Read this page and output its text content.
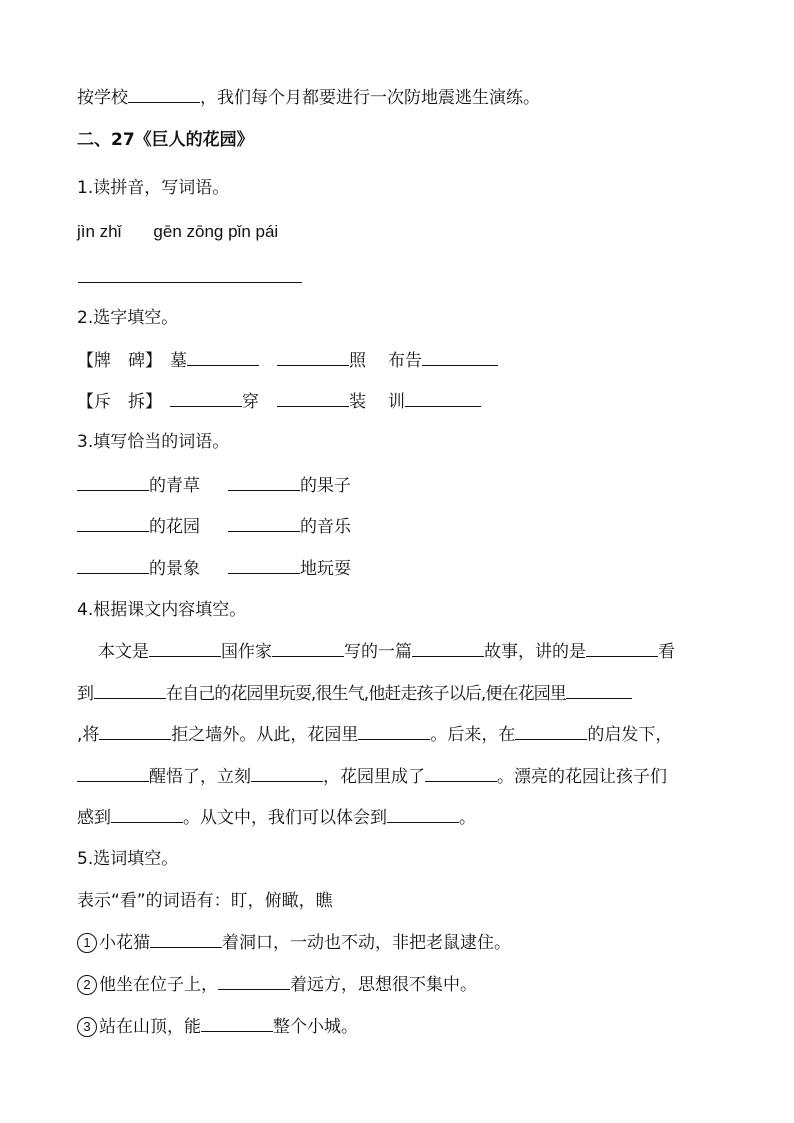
按学校	，我们每个月都要进行一次防地震逃生演练。
二、27《巨人的花园》
1.读拼音，写词语。
jìn zhǐ gēn zōng pǐn pái
2.选字填空。
【牌　碑】 墓	照 布告
【斥　拆】	穿	装 训
3.填写恰当的词语。
的青草	的果子
的花园	的音乐
的景象	地玩耍
4.根据课文内容填空。
本文是	国作家	写的一篇	故事，讲的是	看
到	在自己的花园里玩耍,很生气,他赶走孩子以后,便在花园里
,将	拒之墙外。从此，花园里	。后来，在	的启发下，
醒悟了，立刻	，花园里成了	。漂亮的花园让孩子们
感到	。从文中，我们可以体会到	。
5.选词填空。
表示“看”的词语有：盯，俯瞰，瞧
1 小花猫	着洞口，一动也不动，非把老鼠逮住。
2 他坐在位子上，	着远方，思想很不集中。
3 站在山顶，能	整个小城。
